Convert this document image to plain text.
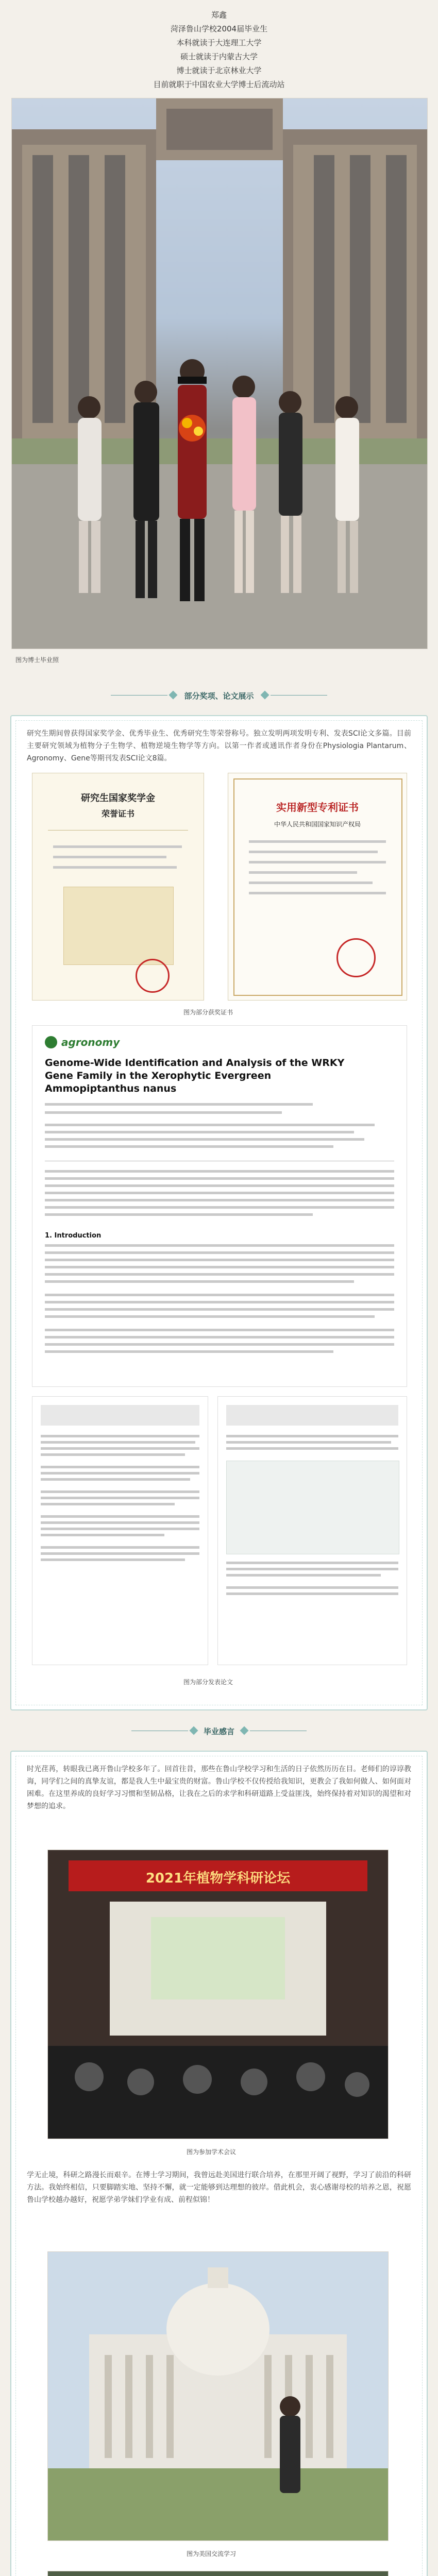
郑鑫
菏泽鲁山学校2004届毕业生
本科就读于大连理工大学
硕士就读于内蒙古大学
博士就读于北京林业大学
目前就职于中国农业大学博士后流动站
图为博士毕业照
部分奖项、论文展示
研究生期间曾获得国家奖学金、优秀毕业生、优秀研究生等荣誉称号。独立发明两项发明专利、发表SCI论文多篇。目前主要研究领域为植物分子生物学、植物逆境生物学等方向。以第一作者或通讯作者身份在Physiologia Plantarum、Agronomy、Gene等期刊发表SCI论文8篇。
研究生国家奖学金
荣誉证书
实用新型专利证书
中华人民共和国国家知识产权局
图为部分获奖证书
agronomy
Genome-Wide Identification and Analysis of the WRKY Gene Family in the Xerophytic Evergreen Ammopiptanthus nanus
1. Introduction
图为部分发表论文
毕业感言
时光荏苒，转眼我已离开鲁山学校多年了。回首往昔，那些在鲁山学校学习和生活的日子依然历历在目。老师们的谆谆教诲，同学们之间的真挚友谊，都是我人生中最宝贵的财富。鲁山学校不仅传授给我知识，更教会了我如何做人、如何面对困难。在这里养成的良好学习习惯和坚韧品格，让我在之后的求学和科研道路上受益匪浅，始终保持着对知识的渴望和对梦想的追求。
2021年植物学科研论坛
图为参加学术会议
学无止境，科研之路漫长而艰辛。在博士学习期间，我曾远赴美国进行联合培养，在那里开阔了视野，学习了前沿的科研方法。我始终相信，只要脚踏实地、坚持不懈，就一定能够到达理想的彼岸。借此机会，衷心感谢母校的培养之恩，祝愿鲁山学校越办越好，祝愿学弟学妹们学业有成、前程似锦！
图为美国交流学习
